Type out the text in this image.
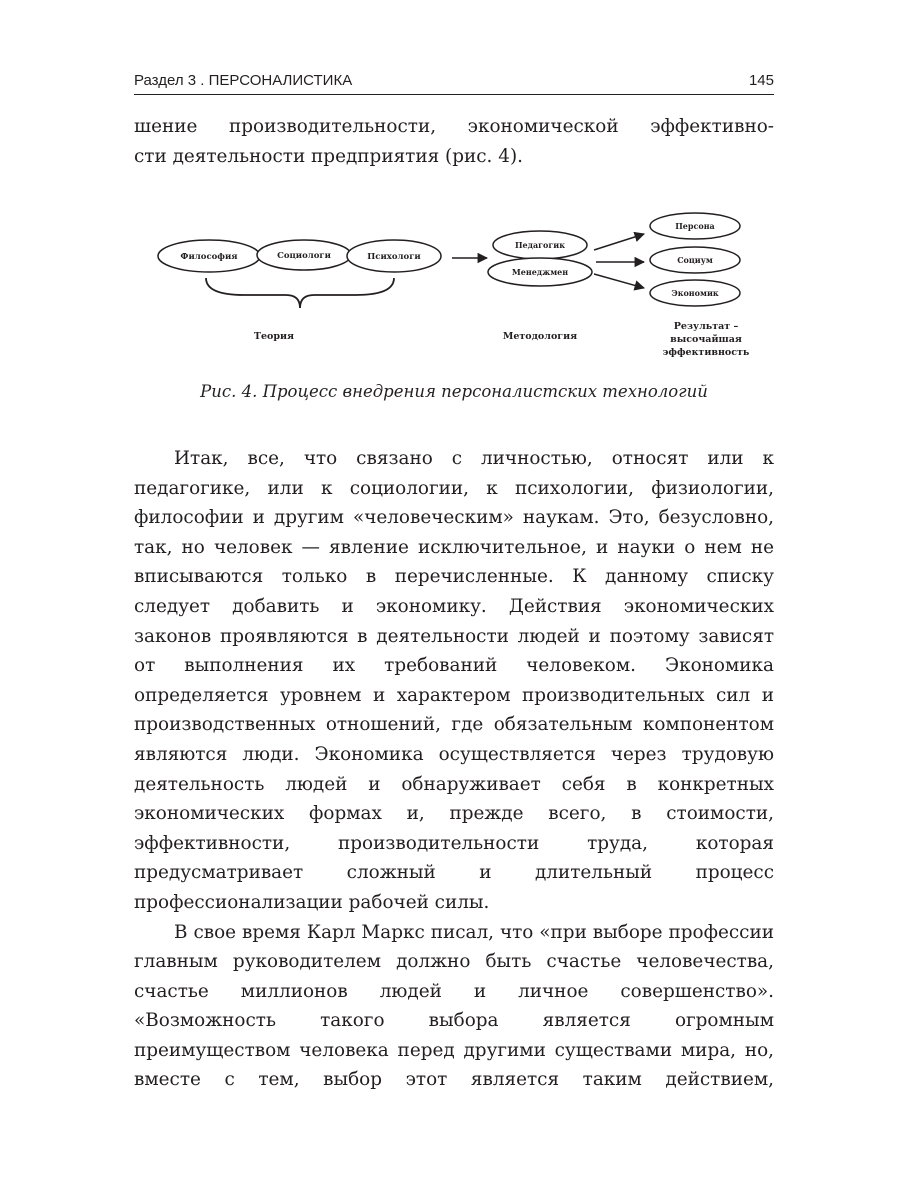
Раздел 3 . ПЕРСОНАЛИСТИКА	145

шение производительности, экономической эффективно-

сти деятельности предприятия (рис. 4).

Философия	Социологи	Психологи
Педагогик
Менеджмен
Персона
Социум
Экономик
Теория	Методология
Результат –
высочайшая
эффективность
Рис. 4. Процесс внедрения персоналистских технологий

Итак, все, что связано с личностью, относят или к педагогике, или к социологии, к психологии, физиологии, философии и другим «человеческим» наукам. Это, безусловно, так, но человек — явление исключительное, и науки о нем не вписываются только в перечисленные. К данному списку следует добавить и экономику. Действия экономических законов проявляются в деятельности людей и поэтому зависят от выполнения их требований человеком. Экономика определяется уровнем и характером производительных сил и производственных отношений, где обязательным компонентом являются люди. Экономика осуществляется через трудовую деятельность людей и обнаруживает себя в конкретных экономических формах и, прежде всего, в стоимости, эффективности, производительности труда, которая предусматривает сложный и длительный процесс профессионализации рабочей силы.

В свое время Карл Маркс писал, что «при выборе профессии главным руководителем должно быть счастье человечества, счастье миллионов людей и личное совершенство». «Возможность такого выбора является огромным преимуществом человека перед другими существами мира, но, вместе с тем, выбор этот является таким действием,
